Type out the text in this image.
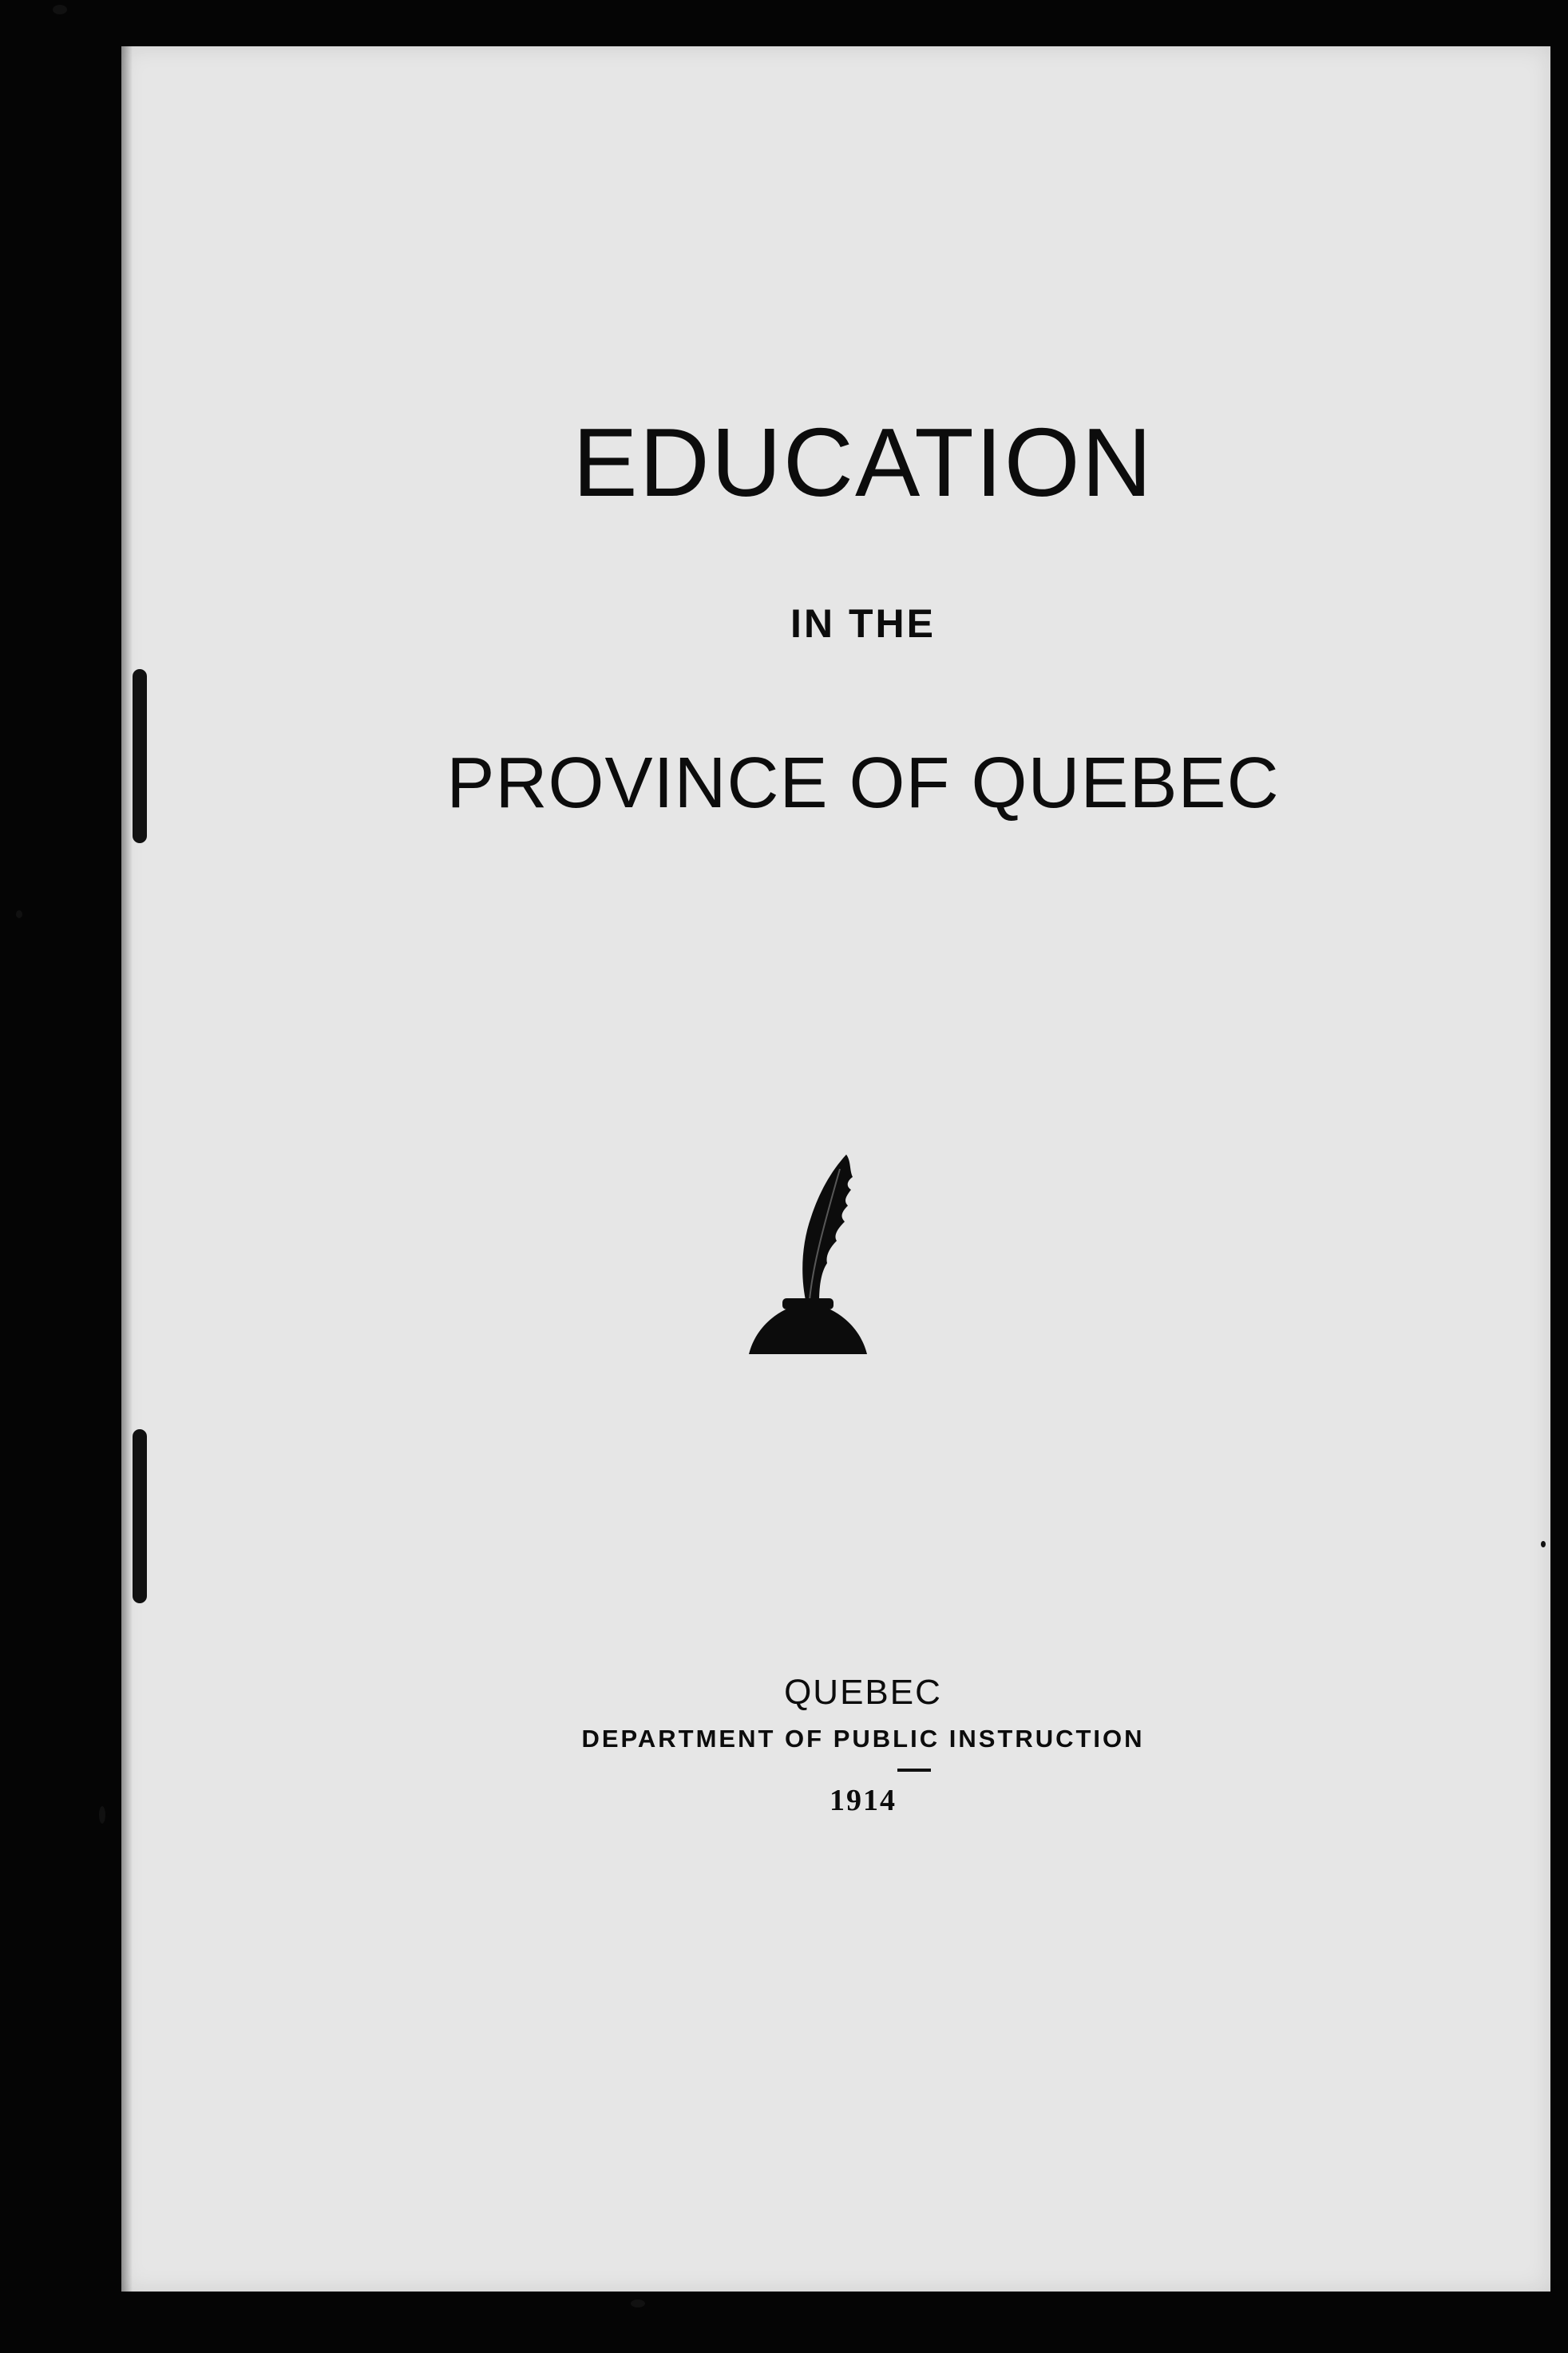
EDUCATION
IN THE
PROVINCE OF QUEBEC
QUEBEC
DEPARTMENT OF PUBLIC INSTRUCTION
1914
